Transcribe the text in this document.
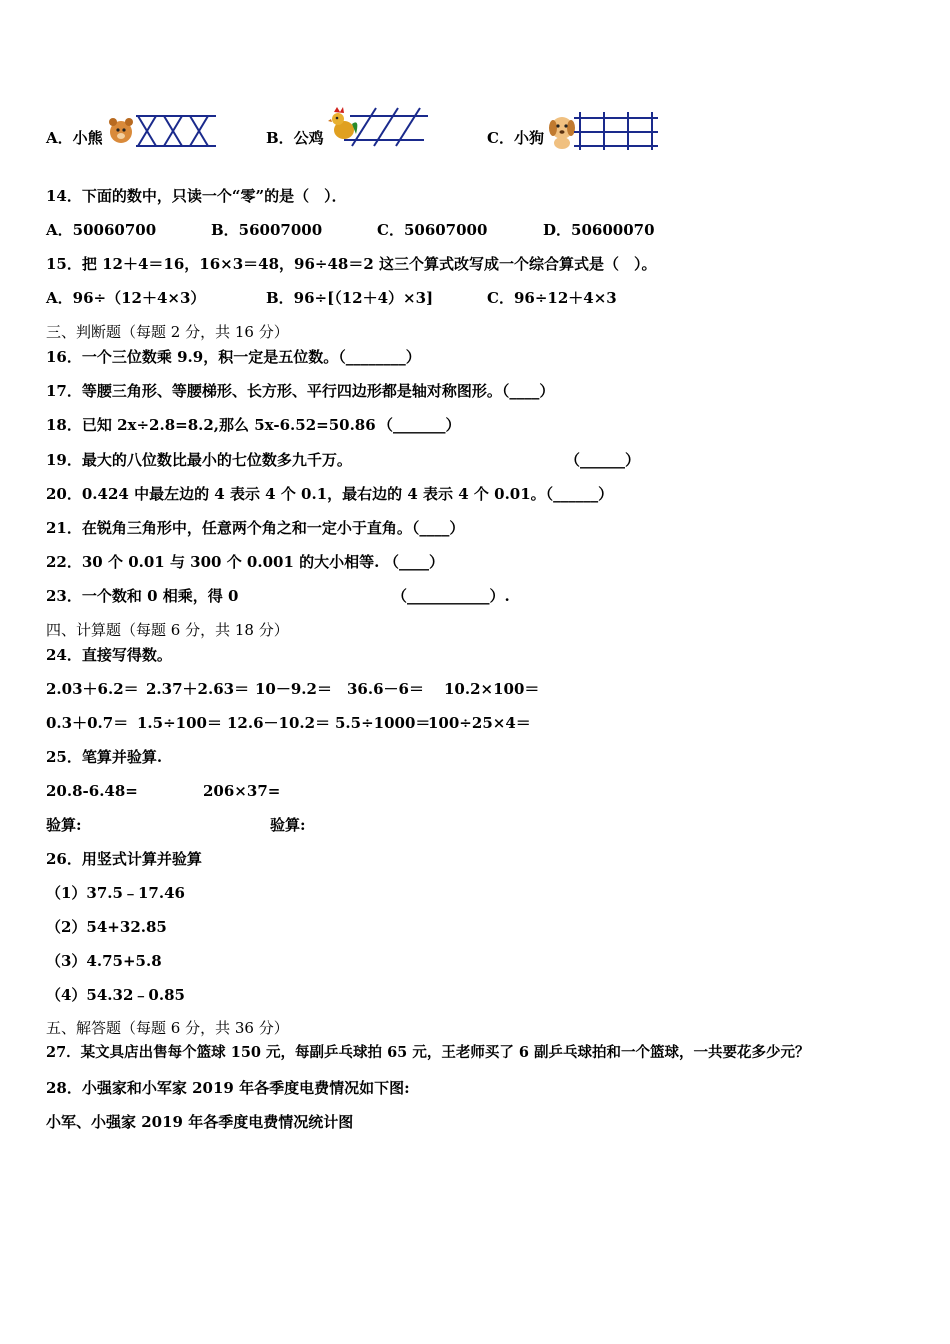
A．小熊	B．公鸡	C．小狗
14．下面的数中，只读一个“零”的是（　）．
A．50060700	B．56007000	C．50607000	D．50600070
15．把 12＋4＝16，16×3＝48，96÷48＝2 这三个算式改写成一个综合算式是（　）。
A．96÷（12＋4×3）	B．96÷[（12＋4）×3]	C．96÷12＋4×3
三、判断题（每题 2 分，共 16 分）
16．一个三位数乘 9.9，积一定是五位数。（________）
17．等腰三角形、等腰梯形、长方形、平行四边形都是轴对称图形。（____）
18．已知 2x÷2.8=8.2,那么 5x-6.52=50.86 （_______）
19．最大的八位数比最小的七位数多九千万。	（______）
20．0.424 中最左边的 4 表示 4 个 0.1，最右边的 4 表示 4 个 0.01。（______）
21．在锐角三角形中，任意两个角之和一定小于直角。（____）
22．30 个 0.01 与 300 个 0.001 的大小相等. （____）
23．一个数和 0 相乘，得 0	（___________）.
四、计算题（每题 6 分，共 18 分）
24．直接写得数。
2.03＋6.2＝ 2.37＋2.63＝ 10－9.2＝ 36.6－6＝ 10.2×100＝
0.3＋0.7＝ 1.5÷100＝ 12.6－10.2＝ 5.5÷1000＝
100÷25×4＝
25．笔算并验算.
20.8-6.48=	206×37=
验算:	验算:
26．用竖式计算并验算
（1）37.5﹣17.46
（2）54+32.85
（3）4.75+5.8
（4）54.32﹣0.85
五、解答题（每题 6 分，共 36 分）
27．某文具店出售每个篮球 150 元，每副乒乓球拍 65 元，王老师买了 6 副乒乓球拍和一个篮球，一共要花多少元？
28．小强家和小军家 2019 年各季度电费情况如下图:
小军、小强家 2019 年各季度电费情况统计图
